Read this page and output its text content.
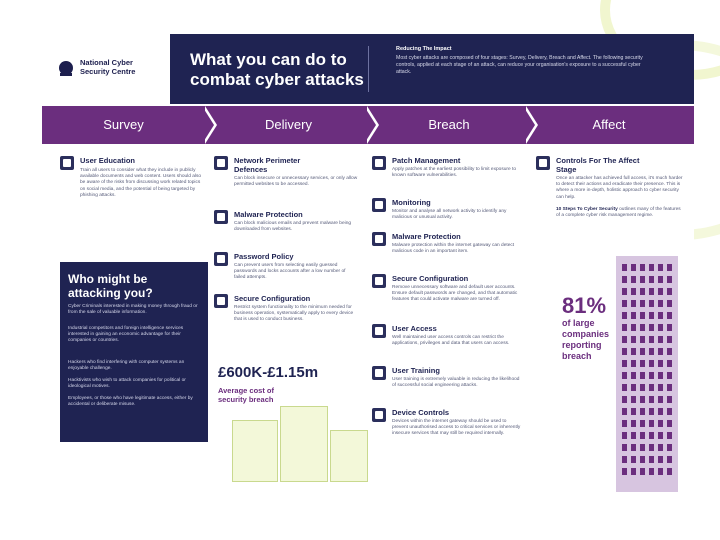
National Cyber
Security Centre
What you can do to combat cyber attacks
Reducing The Impact
Most cyber attacks are composed of four stages: Survey, Delivery, Breach and Affect. The following security controls, applied at each stage of an attack, can reduce your organisation's exposure to a successful cyber attack.
Survey	Delivery	Breach	Affect
User Education
Train all users to consider what they include in publicly available documents and web content. Users should also be aware of the risks from discussing work related topics on social media, and the potential of being targeted by phishing attacks.
Who might be attacking you?
Cyber Criminals interested in making money through fraud or from the sale of valuable information.
Industrial competitors and foreign intelligence services interested in gaining an economic advantage for their companies or countries.
Hackers who find interfering with computer systems an enjoyable challenge.
Hacktivists who wish to attack companies for political or ideological motives.
Employees, or those who have legitimate access, either by accidental or deliberate misuse.
Network Perimeter Defences
Can block insecure or unnecessary services, or only allow permitted websites to be accessed.
Malware Protection
Can block malicious emails and prevent malware being downloaded from websites.
Password Policy
Can prevent users from selecting easily guessed passwords and locks accounts after a low number of failed attempts.
Secure Configuration
Restrict system functionality to the minimum needed for business operation, systematically apply to every device that is used to conduct business.
£600K-£1.15m
Average cost of security breach
Patch Management
Apply patches at the earliest possibility to limit exposure to known software vulnerabilities.
Monitoring
Monitor and analyse all network activity to identify any malicious or unusual activity.
Malware Protection
Malware protection within the internet gateway can detect malicious code in an important item.
Secure Configuration
Remove unnecessary software and default user accounts. Ensure default passwords are changed, and that automatic features that could activate malware are turned off.
User Access
Well maintained user access controls can restrict the applications, privileges and data that users can access.
User Training
User training is extremely valuable in reducing the likelihood of successful social engineering attacks.
Device Controls
Devices within the internet gateway should be used to prevent unauthorised access to critical services or inherently insecure services that may still be required internally.
Controls For The Affect Stage
Once an attacker has achieved full access, it's much harder to detect their actions and eradicate their presence. This is where a more in-depth, holistic approach to cyber security can help.

10 Steps To Cyber Security outlines many of the features of a complete cyber risk management regime.
81%
of large companies reporting breach
